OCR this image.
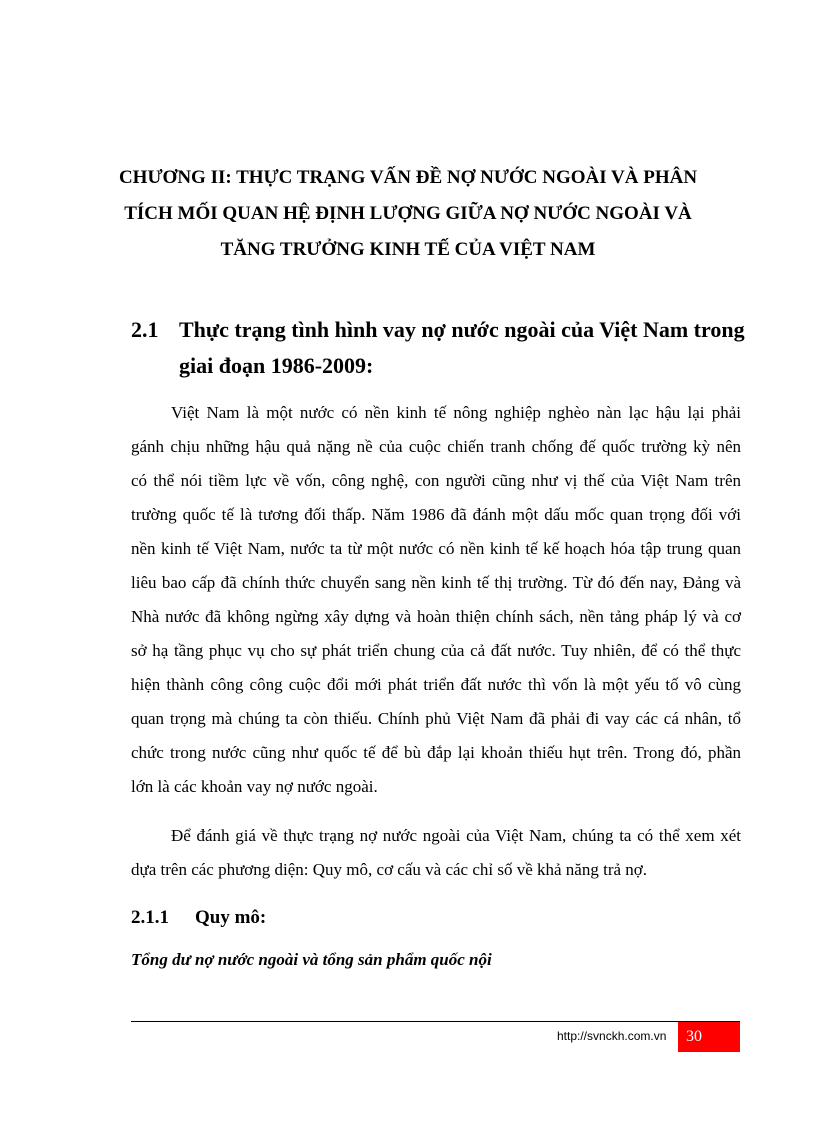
CHƯƠNG II: THỰC TRẠNG VẤN ĐỀ NỢ NƯỚC NGOÀI VÀ PHÂN
TÍCH MỐI QUAN HỆ ĐỊNH LƯỢNG GIỮA NỢ NƯỚC NGOÀI VÀ
TĂNG TRƯỞNG KINH TẾ CỦA VIỆT NAM
2.1 Thực trạng tình hình vay nợ nước ngoài của Việt Nam trong
giai đoạn 1986-2009:
Việt Nam là một nước có nền kinh tế nông nghiệp nghèo nàn lạc hậu lại phải
gánh chịu những hậu quả nặng nề của cuộc chiến tranh chống đế quốc trường kỳ nên
có thể nói tiềm lực về vốn, công nghệ, con người cũng như vị thế của Việt Nam trên
trường quốc tế là tương đối thấp. Năm 1986 đã đánh một dấu mốc quan trọng đối với
nền kinh tế Việt Nam, nước ta từ một nước có nền kinh tế kế hoạch hóa tập trung quan
liêu bao cấp đã chính thức chuyển sang nền kinh tế thị trường. Từ đó đến nay, Đảng và
Nhà nước đã không ngừng xây dựng và hoàn thiện chính sách, nền tảng pháp lý và cơ
sở hạ tầng phục vụ cho sự phát triển chung của cả đất nước. Tuy nhiên, để có thể thực
hiện thành công công cuộc đổi mới phát triển đất nước thì vốn là một yếu tố vô cùng
quan trọng mà chúng ta còn thiếu. Chính phủ Việt Nam đã phải đi vay các cá nhân, tổ
chức trong nước cũng như quốc tế để bù đắp lại khoản thiếu hụt trên. Trong đó, phần
lớn là các khoản vay nợ nước ngoài.
Để đánh giá về thực trạng nợ nước ngoài của Việt Nam, chúng ta có thể xem xét
dựa trên các phương diện: Quy mô, cơ cấu và các chỉ số về khả năng trả nợ.
2.1.1 Quy mô:
Tổng dư nợ nước ngoài và tổng sản phẩm quốc nội
http://svnckh.com.vn	30
